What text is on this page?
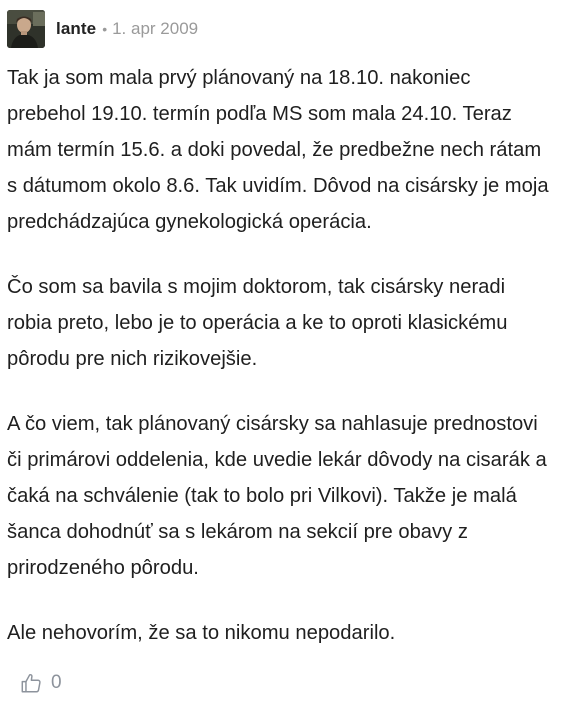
lante • 1. apr 2009

Tak ja som mala prvý plánovaný na 18.10. nakoniec prebehol 19.10. termín podľa MS som mala 24.10. Teraz mám termín 15.6. a doki povedal, že predbežne nech rátam s dátumom okolo 8.6. Tak uvidím. Dôvod na cisársky je moja predchádzajúca gynekologická operácia.

Čo som sa bavila s mojim doktorom, tak cisársky neradi robia preto, lebo je to operácia a ke to oproti klasickému pôrodu pre nich rizikovejšie.

A čo viem, tak plánovaný cisársky sa nahlasuje prednostovi či primárovi oddelenia, kde uvedie lekár dôvody na cisarák a čaká na schválenie (tak to bolo pri Vilkovi). Takže je malá šanca dohodnúť sa s lekárom na sekcií pre obavy z prirodzeného pôrodu.

Ale nehovorím, že sa to nikomu nepodarilo.

0
